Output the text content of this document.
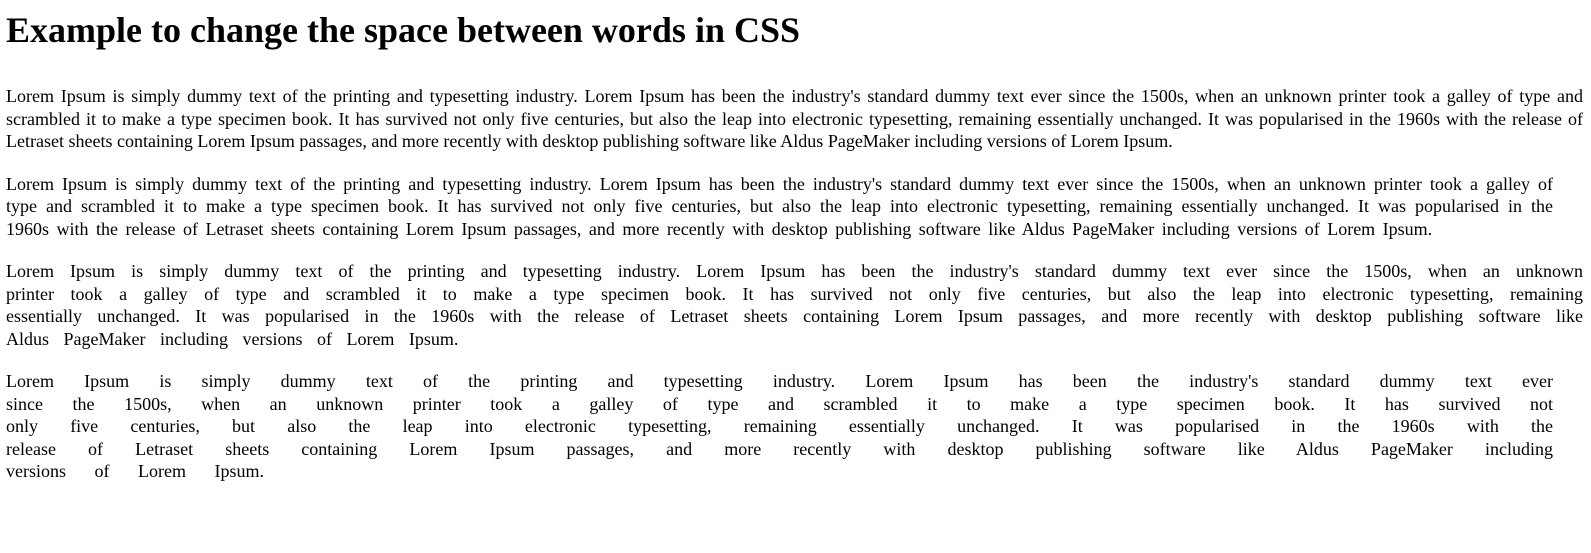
Example to change the space between words in CSS

Lorem Ipsum is simply dummy text of the printing and typesetting industry. Lorem Ipsum has been the industry's standard dummy text ever since the 1500s, when an unknown printer took a galley of type and scrambled it to make a type specimen book. It has survived not only five centuries, but also the leap into electronic typesetting, remaining essentially unchanged. It was popularised in the 1960s with the release of Letraset sheets containing Lorem Ipsum passages, and more recently with desktop publishing software like Aldus PageMaker including versions of Lorem Ipsum.

Lorem Ipsum is simply dummy text of the printing and typesetting industry. Lorem Ipsum has been the industry's standard dummy text ever since the 1500s, when an unknown printer took a galley of type and scrambled it to make a type specimen book. It has survived not only five centuries, but also the leap into electronic typesetting, remaining essentially unchanged. It was popularised in the 1960s with the release of Letraset sheets containing Lorem Ipsum passages, and more recently with desktop publishing software like Aldus PageMaker including versions of Lorem Ipsum.

Lorem Ipsum is simply dummy text of the printing and typesetting industry. Lorem Ipsum has been the industry's standard dummy text ever since the 1500s, when an unknown printer took a galley of type and scrambled it to make a type specimen book. It has survived not only five centuries, but also the leap into electronic typesetting, remaining essentially unchanged. It was popularised in the 1960s with the release of Letraset sheets containing Lorem Ipsum passages, and more recently with desktop publishing software like Aldus PageMaker including versions of Lorem Ipsum.

Lorem Ipsum is simply dummy text of the printing and typesetting industry. Lorem Ipsum has been the industry's standard dummy text ever since the 1500s, when an unknown printer took a galley of type and scrambled it to make a type specimen book. It has survived not only five centuries, but also the leap into electronic typesetting, remaining essentially unchanged. It was popularised in the 1960s with the release of Letraset sheets containing Lorem Ipsum passages, and more recently with desktop publishing software like Aldus PageMaker including versions of Lorem Ipsum.
